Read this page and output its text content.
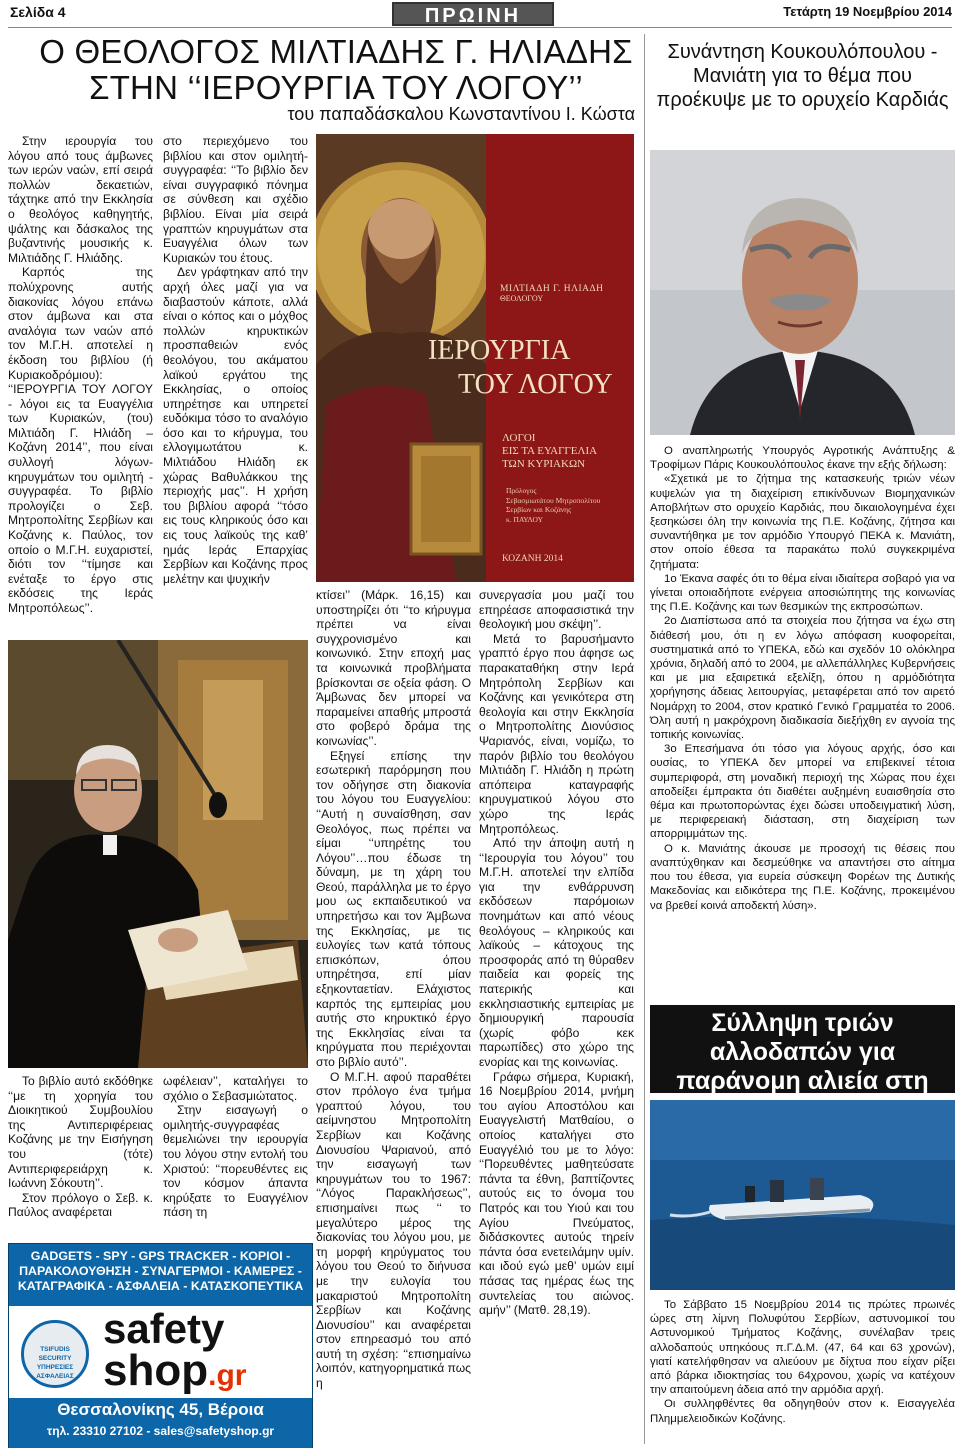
Σελίδα 4	ΠΡΩΙΝΗ	Τετάρτη 19 Νοεμβρίου 2014
Ο ΘΕΟΛΟΓΟΣ ΜΙΛΤΙΑΔΗΣ Γ. ΗΛΙΑΔΗΣ
ΣΤΗΝ ‘‘ΙΕΡΟΥΡΓΙΑ ΤΟΥ ΛΟΓΟΥ’’
του παπαδάσκαλου Κωνσταντίνου Ι. Κώστα

Στην ιερουργία του λόγου από τους άμβωνες των ιερών ναών, επί σειρά πολλών δεκαετιών, τάχτηκε από την Εκκλησία ο θεολόγος καθηγητής, ψάλτης και δάσκαλος της βυζαντινής μουσικής κ. Μιλτιάδης Γ. Ηλιάδης.

Καρπός της πολύχρονης αυτής διακονίας λόγου επάνω στον άμβωνα και στα αναλόγια των ναών από τον Μ.Γ.Η. αποτελεί η έκδοση του βιβλίου (ή Κυριακοδρόμιου): ‘‘ΙΕΡΟΥΡΓΙΑ ΤΟΥ ΛΟΓΟΥ - λόγοι εις τα Ευαγγέλια των Κυριακών, (του) Μιλτιάδη Γ. Ηλιάδη – Κοζάνη 2014’’, που είναι συλλογή λόγων-κηρυγμάτων του ομιλητή - συγγραφέα. Το βιβλίο προλογίζει ο Σεβ. Μητροπολίτης Σερβίων και Κοζάνης κ. Παύλος, τον οποίο ο Μ.Γ.Η. ευχαριστεί, διότι τον ‘‘τίμησε και ενέταξε το έργο στις εκδόσεις της Ιεράς Μητροπόλεως’’.

στο περιεχόμενο του βιβλίου και στον ομιλητή-συγγραφέα: ‘‘Το βιβλίο δεν είναι συγγραφικό πόνημα σε σύνθεση και σχέδιο βιβλίου. Είναι μία σειρά γραπτών κηρυγμάτων στα Ευαγγέλια όλων των Κυριακών του έτους.

Δεν γράφτηκαν από την αρχή όλες μαζί για να διαβαστούν κάποτε, αλλά είναι ο κόπος και ο μόχθος πολλών κηρυκτικών προσπαθειών ενός θεολόγου, του ακάματου λαϊκού εργάτου της Εκκλησίας, ο οποίος υπηρέτησε και υπηρετεί ευδόκιμα τόσο το αναλόγιο όσο και το κήρυγμα, του ελλογιμωτάτου κ. Μιλτιάδου Ηλιάδη εκ χώρας Βαθυλάκκου της περιοχής μας’’. Η χρήση του βιβλίου αφορά ‘‘τόσο εις τους κληρικούς όσο και εις τους λαϊκούς της καθ’ ημάς Ιεράς Επαρχίας Σερβίων και Κοζάνης προς μελέτην και ψυχικήν

ΜΙΛΤΙΑΔΗ Γ. ΗΛΙΑΔΗ
ΘΕΟΛΟΓΟΥ
ΙΕΡΟΥΡΓΙΑ
ΤΟΥ ΛΟΓΟΥ
ΛΟΓΟΙ
ΕΙΣ ΤΑ ΕΥΑΓΓΕΛΙΑ
ΤΩΝ ΚΥΡΙΑΚΩΝ
Πρόλογος
Σεβασμιωτάτου Μητροπολίτου
Σερβίων και Κοζάνης
κ. ΠΑΥΛΟΥ
ΚΟΖΑΝΗ 2014

Το βιβλίο αυτό εκδόθηκε ‘‘με τη χορηγία του Διοικητικού Συμβουλίου της Αντιπεριφέρειας Κοζάνης με την Εισήγηση του (τότε) Αντιπεριφερειάρχη κ. Ιωάννη Σόκουτη’’.

Στον πρόλογο ο Σεβ. κ. Παύλος αναφέρεται

ωφέλειαν’’, καταλήγει το σχόλιο ο Σεβασμιώτατος.

Στην εισαγωγή ο ομιλητής-συγγραφέας θεμελιώνει την ιερουργία του λόγου στην εντολή του Χριστού: ‘‘πορευθέντες εις τον κόσμον άπαντα κηρύξατε το Ευαγγέλιον πάση τη

κτίσει’’ (Μάρκ. 16,15) και υποστηρίζει ότι ‘‘το κήρυγμα πρέπει να είναι συγχρονισμένο και κοινωνικό. Στην εποχή μας τα κοινωνικά προβλήματα βρίσκονται σε οξεία φάση. Ο Άμβωνας δεν μπορεί να παραμείνει απαθής μπροστά στο φοβερό δράμα της κοινωνίας’’.

Εξηγεί επίσης την εσωτερική παρόρμηση που τον οδήγησε στη διακονία του λόγου του Ευαγγελίου: ‘‘Αυτή η συναίσθηση, σαν Θεολόγος, πως πρέπει να είμαι ‘‘υπηρέτης του Λόγου’’…που έδωσε τη δύναμη, με τη χάρη του Θεού, παράλληλα με το έργο μου ως εκπαιδευτικού να υπηρετήσω και τον Άμβωνα της Εκκλησίας, με τις ευλογίες των κατά τόπους επισκόπων, όπου υπηρέτησα, επί μίαν εξηκονταετίαν. Ελάχιστος καρπός της εμπειρίας μου αυτής στο κηρυκτικό έργο της Εκκλησίας είναι τα κηρύγματα που περιέχονται στο βιβλίο αυτό’’.

Ο Μ.Γ.Η. αφού παραθέτει στον πρόλογο ένα τμήμα γραπτού λόγου, του αείμνηστου Μητροπολίτη Σερβίων και Κοζάνης Διονυσίου Ψαριανού, από την εισαγωγή των κηρυγμάτων του το 1967: ‘‘Λόγος Παρακλήσεως’’, επισημαίνει πως ‘‘ το μεγαλύτερο μέρος της διακονίας του λόγου μου, με τη μορφή κηρύγματος του λόγου του Θεού το διήνυσα με την ευλογία του μακαριστού Μητροπολίτη Σερβίων και Κοζάνης Διονυσίου’’ και αναφέρεται στον επηρεασμό του από αυτή τη σχέση: ‘‘επισημαίνω λοιπόν, κατηγορηματικά πως η

συνεργασία μου μαζί του επηρέασε αποφασιστικά την θεολογική μου σκέψη’’.

Μετά το βαρυσήμαντο γραπτό έργο που άφησε ως παρακαταθήκη στην Ιερά Μητρόπολη Σερβίων και Κοζάνης και γενικότερα στη θεολογία και στην Εκκλησία ο Μητροπολίτης Διονύσιος Ψαριανός, είναι, νομίζω, το παρόν βιβλίο του θεολόγου Μιλτιάδη Γ. Ηλιάδη η πρώτη απόπειρα καταγραφής κηρυγματικού λόγου στο χώρο της Ιεράς Μητροπόλεως.

Από την άποψη αυτή η ‘‘Ιερουργία του λόγου’’ του Μ.Γ.Η. αποτελεί την ελπίδα για την ενθάρρυνση εκδόσεων παρόμοιων πονημάτων και από νέους θεολόγους – κληρικούς και λαϊκούς – κάτοχους της προσφοράς από τη θύραθεν παιδεία και φορείς της πατερικής και εκκλησιαστικής εμπειρίας με δημιουργική παρουσία (χωρίς φόβο κεκ παρωπίδες) στο χώρο της ενορίας και της κοινωνίας.

Γράφω σήμερα, Κυριακή, 16 Νοεμβρίου 2014, μνήμη του αγίου Αποστόλου και Ευαγγελιστή Ματθαίου, ο οποίος καταλήγει στο Ευαγγέλιό του με το λόγο: ‘‘Πορευθέντες μαθητεύσατε πάντα τα έθνη, βαπτίζοντες αυτούς εις το όνομα του Πατρός και του Υιού και του Αγίου Πνεύματος, διδάσκοντες αυτούς τηρείν πάντα όσα ενετειλάμην υμίν. και ιδού εγώ μεθ’ υμών ειμί πάσας τας ημέρας έως της συντελείας του αιώνος. αμήν’’ (Ματθ. 28,19).

Συνάντηση Κουκουλόπουλου - Μανιάτη για το θέμα που προέκυψε με το ορυχείο Καρδιάς

Ο αναπληρωτής Υπουργός Αγροτικής Ανάπτυξης & Τροφίμων Πάρις Κουκουλόπουλος έκανε την εξής δήλωση:

«Σχετικά με το ζήτημα της κατασκευής τριών νέων κυψελών για τη διαχείριση επικίνδυνων Βιομηχανικών Αποβλήτων στο ορυχείο Καρδιάς, που δικαιολογημένα έχει ξεσηκώσει όλη την κοινωνία της Π.Ε. Κοζάνης, ζήτησα και συναντήθηκα με τον αρμόδιο Υπουργό ΠΕΚΑ κ. Μανιάτη, στον οποίο έθεσα τα παρακάτω πολύ συγκεκριμένα ζητήματα:

1ο Έκανα σαφές ότι το θέμα είναι ιδιαίτερα σοβαρό για να γίνεται οποιαδήποτε ενέργεια αποσιώπητης της κοινωνίας της Π.Ε. Κοζάνης και των θεσμικών της εκπροσώπων.

2ο Διαπίστωσα από τα στοιχεία που ζήτησα να έχω στη διάθεσή μου, ότι η εν λόγω απόφαση κυοφορείται, συστηματικά από το ΥΠΕΚΑ, εδώ και σχεδόν 10 ολόκληρα χρόνια, δηλαδή από το 2004, με αλλεπάλληλες Κυβερνήσεις και με μια εξαιρετικά εξελίξη, όπου η αρμόδιότητα χορήγησης άδειας λειτουργίας, μεταφέρεται από τον αιρετό Νομάρχη το 2004, στον κρατικό Γενικό Γραμματέα το 2006. Όλη αυτή η μακρόχρονη διαδικασία διεξήχθη εν αγνοία της τοπικής κοινωνίας.

3ο Επεσήμανα ότι τόσο για λόγους αρχής, όσο και ουσίας, το ΥΠΕΚΑ δεν μπορεί να επιβεκινεί τέτοια συμπεριφορά, στη μοναδική περιοχή της Χώρας που έχει αποδείξει έμπρακτα ότι διαθέτει αυξημένη ευαισθησία στο θέμα και πρωτοπορώντας έχει δώσει υποδειγματική λύση, με περιφερειακή διάσταση, στη διαχείριση των απορριμμάτων της.

Ο κ. Μανιάτης άκουσε με προσοχή τις θέσεις που αναπτύχθηκαν και δεσμεύθηκε να απαντήσει στο αίτημα που του έθεσα, για ευρεία σύσκεψη Φορέων της Δυτικής Μακεδονίας και ειδικότερα της Π.Ε. Κοζάνης, προκειμένου να βρεθεί κοινά αποδεκτή λύση».

Σύλληψη τριών αλλοδαπών για παράνομη αλιεία στη

Το Σάββατο 15 Νοεμβρίου 2014 τις πρώτες πρωινές ώρες στη λίμνη Πολυφύτου Σερβίων, αστυνομικοί του Αστυνομικού Τμήματος Κοζάνης, συνέλαβαν τρεις αλλοδαπούς υπηκόους π.Γ.Δ.Μ. (47, 64 και 63 χρονών), γιατί κατελήφθησαν να αλιεύουν με δίχτυα που είχαν ρίξει από βάρκα ιδιοκτησίας του 64χρονου, χωρίς να κατέχουν την απαιτούμενη άδεια από την αρμόδια αρχή.

Οι συλληφθέντες θα οδηγηθούν στον κ. Εισαγγελέα Πλημμελειοδικών Κοζάνης.

GADGETS - SPY - GPS TRACKER - ΚΟΡΙΟΙ -
ΠΑΡΑΚΟΛΟΥΘΗΣΗ - ΣΥΝΑΓΕΡΜΟΙ - ΚΑΜΕΡΕΣ -
ΚΑΤΑΓΡΑΦΙΚΑ - ΑΣΦΑΛΕΙΑ - ΚΑΤΑΣΚΟΠΕΥΤΙΚΑ
TSIFUDIS SECURITY
ΥΠΗΡΕΣΙΕΣ ΑΣΦΑΛΕΙΑΣ
safety
shop.gr
Θεσσαλονίκης 45, Βέροια
τηλ. 23310 27102 - sales@safetyshop.gr
